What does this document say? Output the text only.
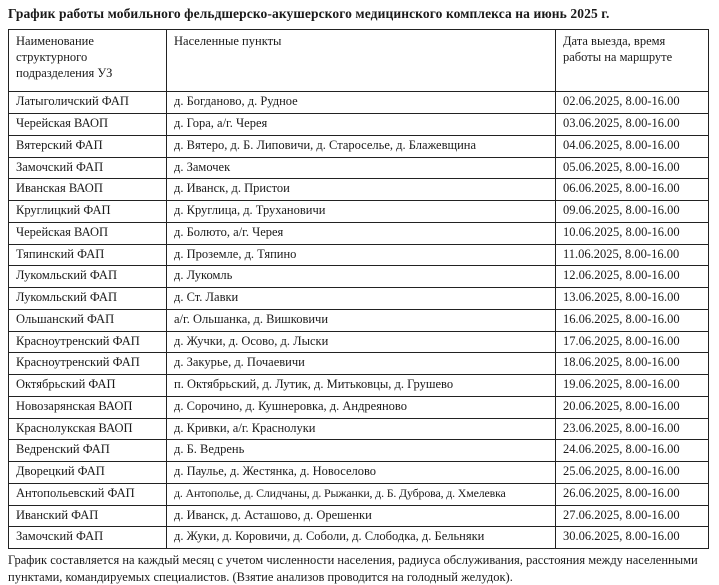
График работы мобильного фельдшерско-акушерского медицинского комплекса на июнь 2025 г.
Наименование структурного подразделения УЗ	Населенные пункты	Дата выезда, время работы на маршруте
Латыголичский ФАП	д. Богданово, д. Рудное	02.06.2025, 8.00-16.00
Черейская ВАОП	д. Гора, а/г. Черея	03.06.2025, 8.00-16.00
Вятерский ФАП	д. Вятеро, д. Б. Липовичи, д. Староселье, д. Блажевщина	04.06.2025, 8.00-16.00
Замочский ФАП	д. Замочек	05.06.2025, 8.00-16.00
Иванская ВАОП	д. Иванск, д. Пристои	06.06.2025, 8.00-16.00
Круглицкий ФАП	д. Круглица, д. Трухановичи	09.06.2025, 8.00-16.00
Черейская ВАОП	д. Болюто, а/г. Черея	10.06.2025, 8.00-16.00
Тяпинский ФАП	д. Проземле, д. Тяпино	11.06.2025, 8.00-16.00
Лукомльский ФАП	д. Лукомль	12.06.2025, 8.00-16.00
Лукомльский ФАП	д. Ст. Лавки	13.06.2025, 8.00-16.00
Ольшанский ФАП	а/г. Ольшанка, д. Вишковичи	16.06.2025, 8.00-16.00
Красноутренский ФАП	д. Жучки, д. Осово, д. Лыски	17.06.2025, 8.00-16.00
Красноутренский ФАП	д. Закурье, д. Почаевичи	18.06.2025, 8.00-16.00
Октябрьский ФАП	п. Октябрьский, д. Лутик, д. Митьковцы, д. Грушево	19.06.2025, 8.00-16.00
Новозарянская ВАОП	д. Сорочино, д. Кушнеровка, д. Андреяново	20.06.2025, 8.00-16.00
Краснолукская ВАОП	д. Кривки, а/г. Краснолуки	23.06.2025, 8.00-16.00
Ведренский ФАП	д. Б. Ведрень	24.06.2025, 8.00-16.00
Дворецкий ФАП	д. Паулье, д. Жестянка, д. Новоселово	25.06.2025, 8.00-16.00
Антопольевский ФАП	д. Антополье, д. Слидчаны, д. Рыжанки, д. Б. Дуброва, д. Хмелевка	26.06.2025, 8.00-16.00
Иванский ФАП	д. Иванск, д. Асташово, д. Орешенки	27.06.2025, 8.00-16.00
Замочский ФАП	д. Жуки, д. Коровичи, д. Соболи, д. Слободка, д. Бельняки	30.06.2025, 8.00-16.00

График составляется на каждый месяц с учетом численности населения, радиуса обслуживания, расстояния между населенными пунктами, командируемых специалистов. (Взятие анализов проводится на голодный желудок).
